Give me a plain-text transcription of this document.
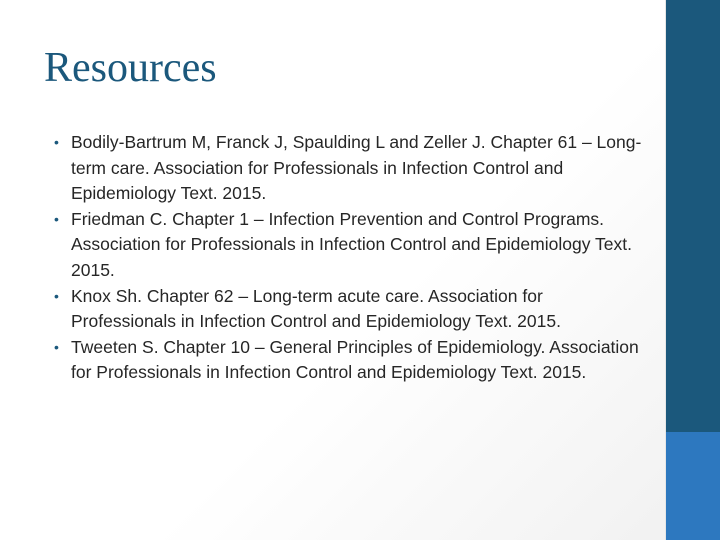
Resources
• Bodily-Bartrum M, Franck J, Spaulding L and Zeller J. Chapter 61 – Long-term care. Association for Professionals in Infection Control and Epidemiology Text. 2015.
• Friedman C. Chapter 1 – Infection Prevention and Control Programs. Association for Professionals in Infection Control and Epidemiology Text. 2015.
• Knox Sh. Chapter 62 – Long-term acute care. Association for Professionals in Infection Control and Epidemiology Text. 2015.
• Tweeten S. Chapter 10 – General Principles of Epidemiology. Association for Professionals in Infection Control and Epidemiology Text. 2015.
